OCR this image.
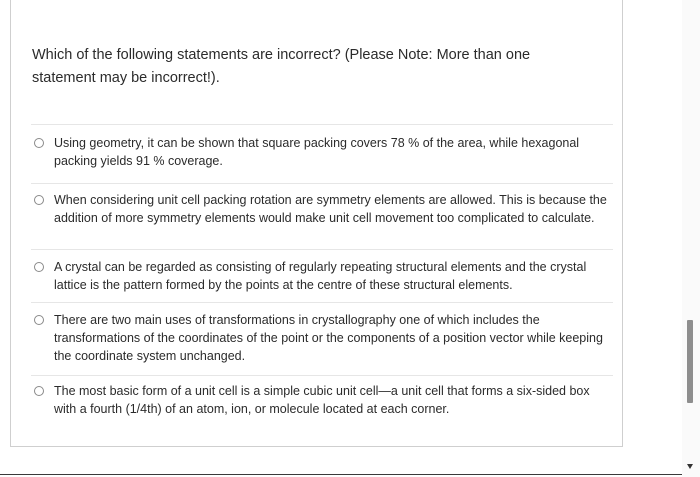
Which of the following statements are incorrect? (Please Note: More than one statement may be incorrect!).
Using geometry, it can be shown that square packing covers 78 % of the area, while hexagonal packing yields 91 % coverage.
When considering unit cell packing rotation are symmetry elements are allowed. This is because the addition of more symmetry elements would make unit cell movement too complicated to calculate.
A crystal can be regarded as consisting of regularly repeating structural elements and the crystal lattice is the pattern formed by the points at the centre of these structural elements.
There are two main uses of transformations in crystallography one of which includes the transformations of the coordinates of the point or the components of a position vector while keeping the coordinate system unchanged.
The most basic form of a unit cell is a simple cubic unit cell—a unit cell that forms a six-sided box with a fourth (1/4th) of an atom, ion, or molecule located at each corner.
